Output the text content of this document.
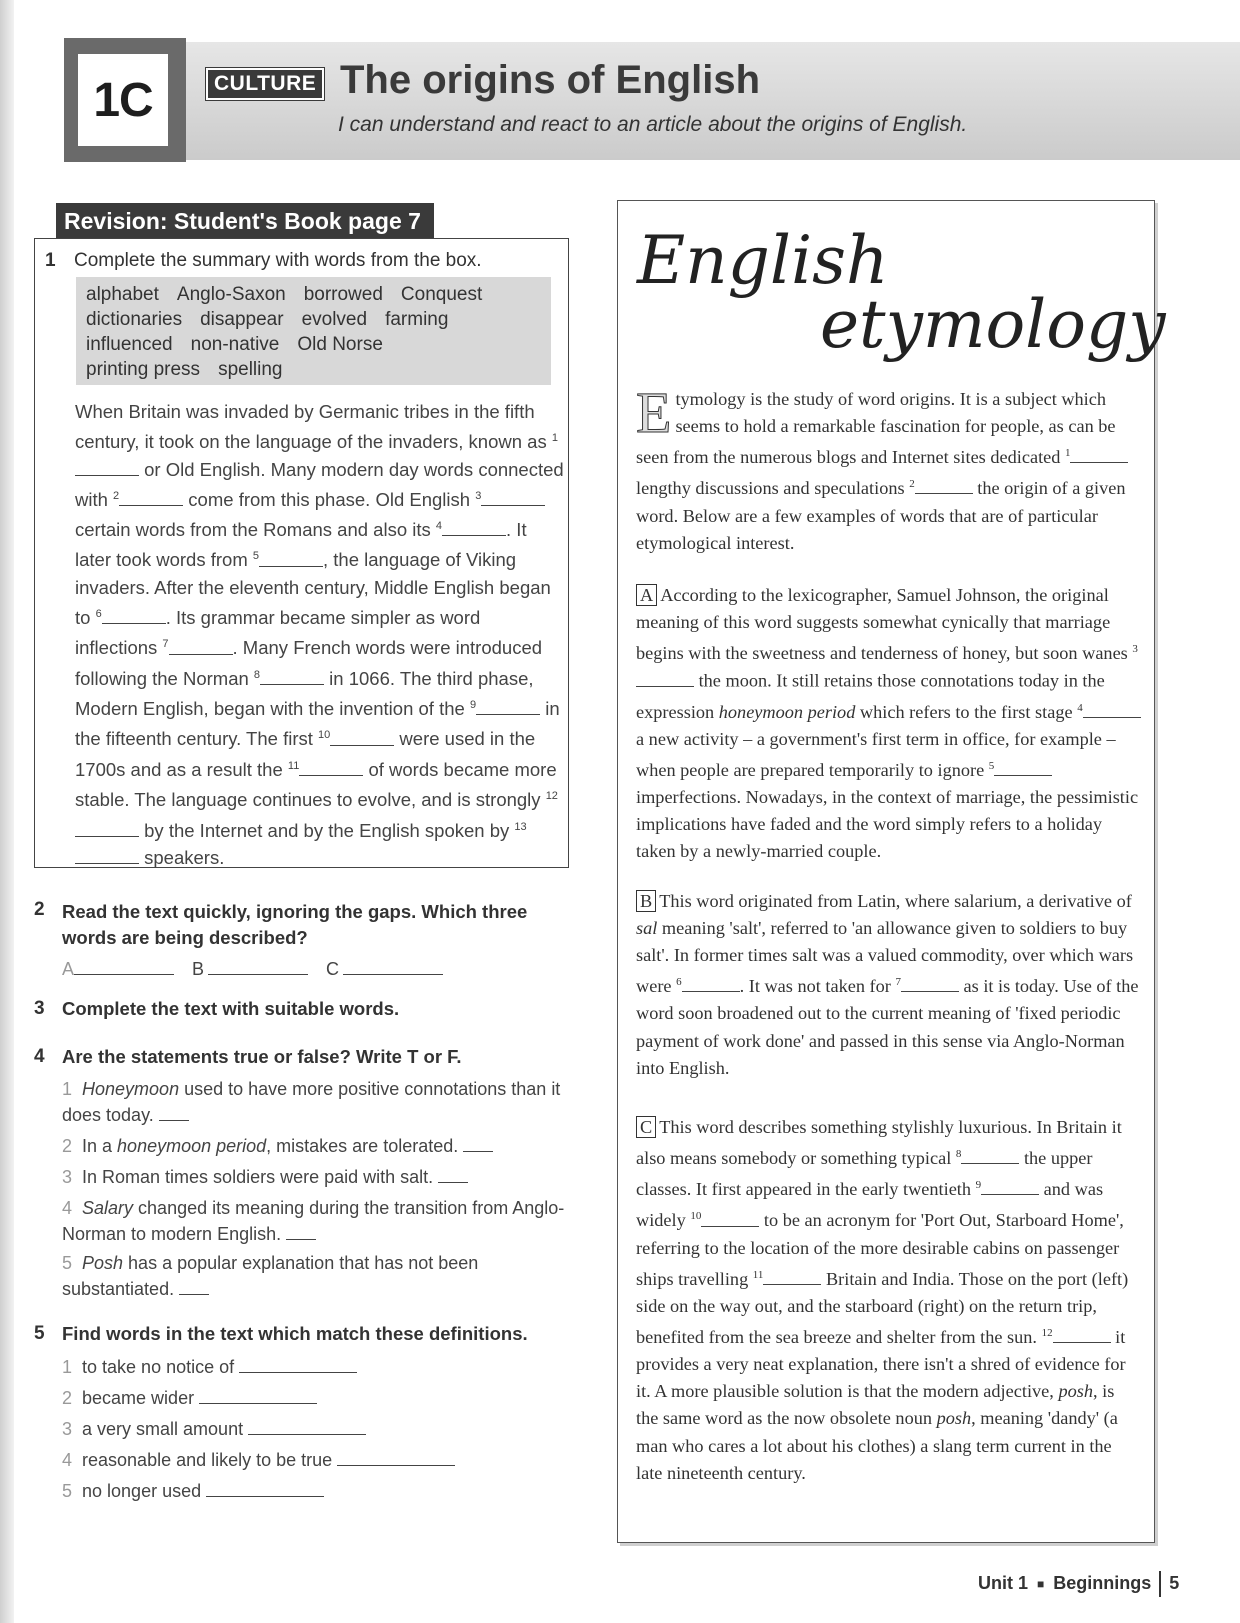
1C	CULTURE The origins of English
I can understand and react to an article about the origins of English.
Revision: Student's Book page 7
1 Complete the summary with words from the box.
alphabet Anglo-Saxon borrowed Conquest
dictionaries disappear evolved farming
influenced non-native Old Norse
printing press spelling
When Britain was invaded by Germanic tribes in the fifth century, it took on the language of the invaders, known as $^1$ or Old English. Many modern day words connected with $^2$	come from this phase. Old English $^3$ certain words from the Romans and also its $^4$	. It later took words from $^5$	, the language of Viking invaders. After the eleventh century, Middle English began to $^6$	. Its grammar became simpler as word inflections $^7$	. Many French words were introduced following the Norman $^8$	in 1066. The third phase, Modern English, began with the invention of the $^9$	in the fifteenth century. The first $^{10}$	were used in the 1700s and as a result the $^{11}$	of words became more stable. The language continues to evolve, and is strongly $^{12}$ by the Internet and by the English spoken by $^{13}$ speakers.
2 Read the text quickly, ignoring the gaps. Which three words are being described?
A	B	C
3 Complete the text with suitable words.
4 Are the statements true or false? Write T or F.
1 Honeymoon used to have more positive connotations than it does today.
2 In a honeymoon period, mistakes are tolerated.
3 In Roman times soldiers were paid with salt.
4 Salary changed its meaning during the transition from Anglo-Norman to modern English.
5 Posh has a popular explanation that has not been substantiated.
5 Find words in the text which match these definitions.
1 to take no notice of
2 became wider
3 a very small amount
4 reasonable and likely to be true
5 no longer used
English
etymology
Etymology is the study of word origins. It is a subject which seems to hold a remarkable fascination for people, as can be seen from the numerous blogs and Internet sites dedicated $^1$ lengthy discussions and speculations $^2$	the origin of a given word. Below are a few examples of words that are of particular etymological interest.
A According to the lexicographer, Samuel Johnson, the original meaning of this word suggests somewhat cynically that marriage begins with the sweetness and tenderness of honey, but soon wanes $^3$ the moon. It still retains those connotations today in the expression honeymoon period which refers to the first stage $^4$ a new activity – a government's first term in office, for example – when people are prepared temporarily to ignore $^5$ imperfections. Nowadays, in the context of marriage, the pessimistic implications have faded and the word simply refers to a holiday taken by a newly-married couple.
B This word originated from Latin, where salarium, a derivative of sal meaning 'salt', referred to 'an allowance given to soldiers to buy salt'. In former times salt was a valued commodity, over which wars were $^6$	. It was not taken for $^7$	as it is today. Use of the word soon broadened out to the current meaning of 'fixed periodic payment of work done' and passed in this sense via Anglo-Norman into English.
C This word describes something stylishly luxurious. In Britain it also means somebody or something typical $^8$	the upper classes. It first appeared in the early twentieth $^9$	and was widely $^{10}$	to be an acronym for 'Port Out, Starboard Home', referring to the location of the more desirable cabins on passenger ships travelling $^{11}$	Britain and India. Those on the port (left) side on the way out, and the starboard (right) on the return trip, benefited from the sea breeze and shelter from the sun. $^{12}$	it provides a very neat explanation, there isn't a shred of evidence for it. A more plausible solution is that the modern adjective, posh, is the same word as the now obsolete noun posh, meaning 'dandy' (a man who cares a lot about his clothes) a slang term current in the late nineteenth century.
Unit 1 ■ Beginnings 5
